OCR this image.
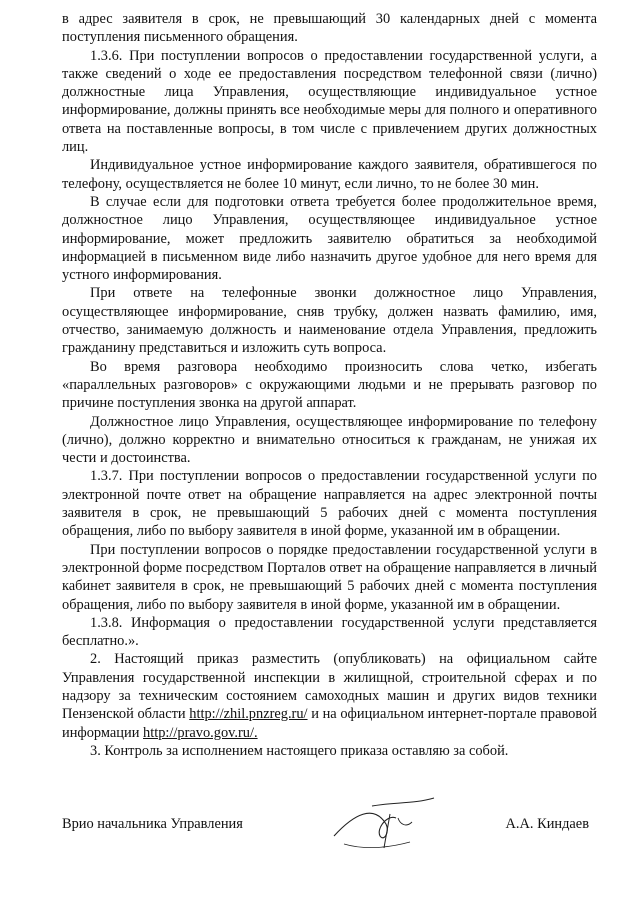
в адрес заявителя в срок, не превышающий 30 календарных дней с момента поступления письменного обращения.

1.3.6. При поступлении вопросов о предоставлении государственной услуги, а также сведений о ходе ее предоставления посредством телефонной связи (лично) должностные лица Управления, осуществляющие индивидуальное устное информирование, должны принять все необходимые меры для полного и оперативного ответа на поставленные вопросы, в том числе с привлечением других должностных лиц.

Индивидуальное устное информирование каждого заявителя, обратившегося по телефону, осуществляется не более 10 минут, если лично, то не более 30 мин.

В случае если для подготовки ответа требуется более продолжительное время, должностное лицо Управления, осуществляющее индивидуальное устное информирование, может предложить заявителю обратиться за необходимой информацией в письменном виде либо назначить другое удобное для него время для устного информирования.

При ответе на телефонные звонки должностное лицо Управления, осуществляющее информирование, сняв трубку, должен назвать фамилию, имя, отчество, занимаемую должность и наименование отдела Управления, предложить гражданину представиться и изложить суть вопроса.

Во время разговора необходимо произносить слова четко, избегать «параллельных разговоров» с окружающими людьми и не прерывать разговор по причине поступления звонка на другой аппарат.

Должностное лицо Управления, осуществляющее информирование по телефону (лично), должно корректно и внимательно относиться к гражданам, не унижая их чести и достоинства.

1.3.7. При поступлении вопросов о предоставлении государственной услуги по электронной почте ответ на обращение направляется на адрес электронной почты заявителя в срок, не превышающий 5 рабочих дней с момента поступления обращения, либо по выбору заявителя в иной форме, указанной им в обращении.

При поступлении вопросов о порядке предоставлении государственной услуги в электронной форме посредством Порталов ответ на обращение направляется в личный кабинет заявителя в срок, не превышающий 5 рабочих дней с момента поступления обращения, либо по выбору заявителя в иной форме, указанной им в обращении.

1.3.8. Информация о предоставлении государственной услуги представляется бесплатно.».

2. Настоящий приказ разместить (опубликовать) на официальном сайте Управления государственной инспекции в жилищной, строительной сферах и по надзору за техническим состоянием самоходных машин и других видов техники Пензенской области http://zhil.pnzreg.ru/ и на официальном интернет-портале правовой информации http://pravo.gov.ru/.

3. Контроль за исполнением настоящего приказа оставляю за собой.

Врио начальника Управления	А.А. Киндаев
